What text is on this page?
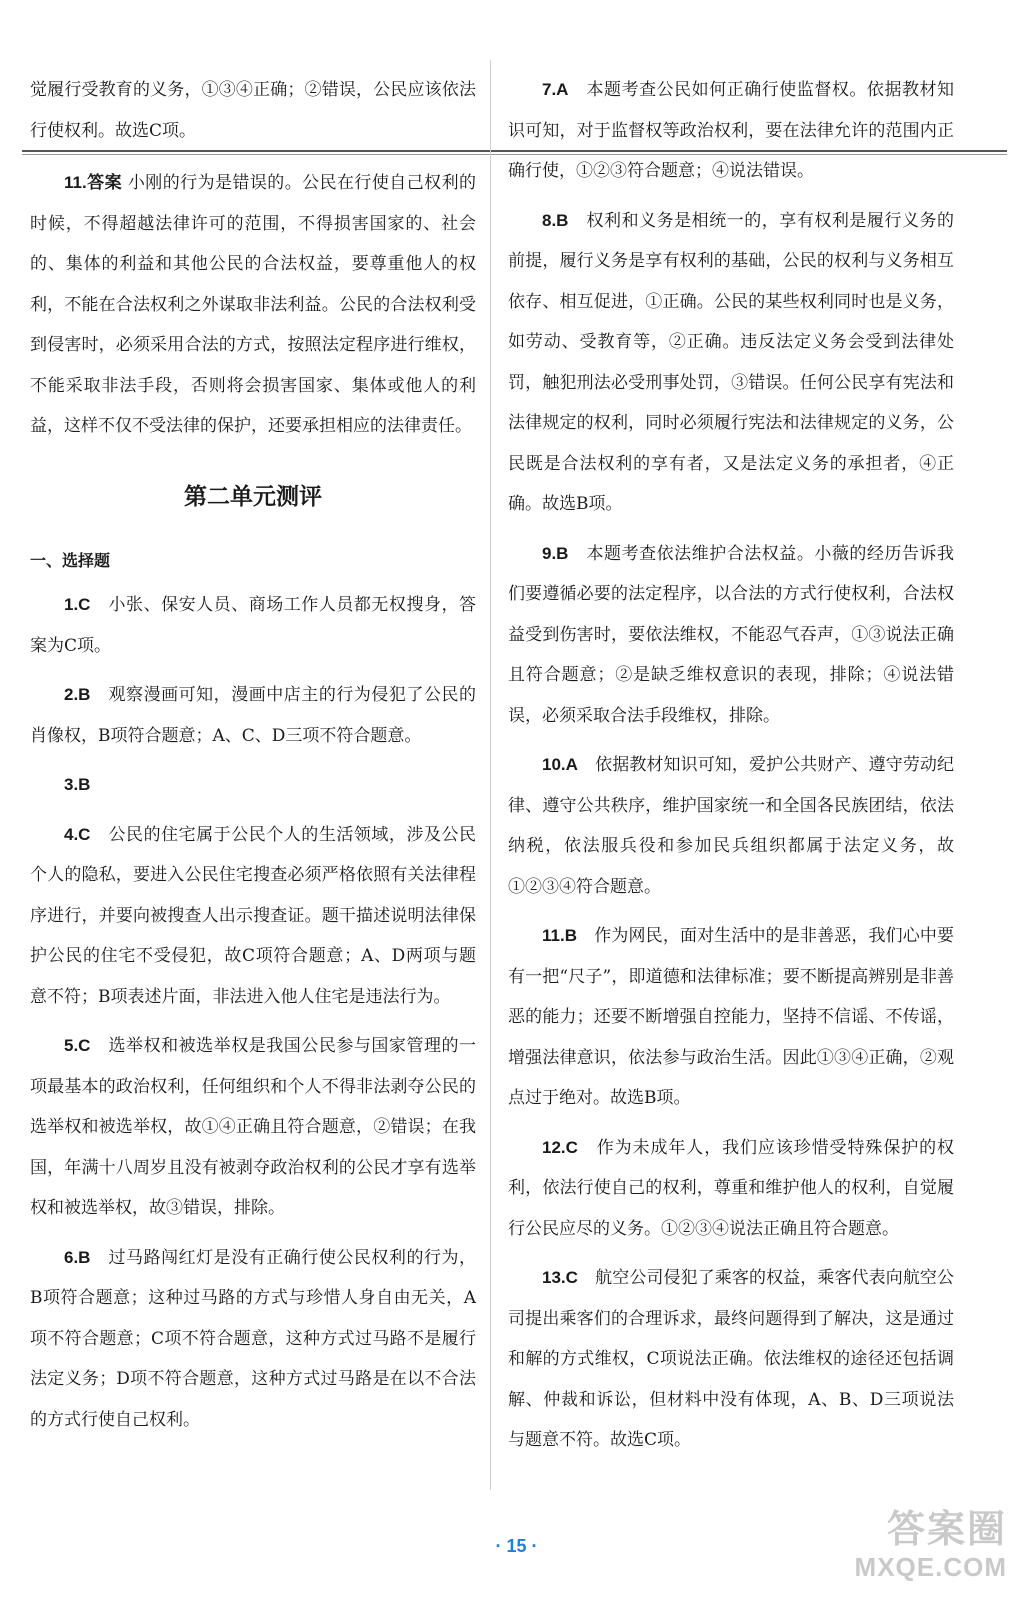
觉履行受教育的义务，①③④正确；②错误，公民应该依法行使权利。故选C项。

11.答案 小刚的行为是错误的。公民在行使自己权利的时候，不得超越法律许可的范围，不得损害国家的、社会的、集体的利益和其他公民的合法权益，要尊重他人的权利，不能在合法权利之外谋取非法利益。公民的合法权利受到侵害时，必须采用合法的方式，按照法定程序进行维权，不能采取非法手段，否则将会损害国家、集体或他人的利益，这样不仅不受法律的保护，还要承担相应的法律责任。

第二单元测评
一、选择题

1.C　 小张、保安人员、商场工作人员都无权搜身，答案为C项。

2.B　 观察漫画可知，漫画中店主的行为侵犯了公民的肖像权，B项符合题意；A、C、D三项不符合题意。

3.B

4.C　 公民的住宅属于公民个人的生活领域，涉及公民个人的隐私，要进入公民住宅搜查必须严格依照有关法律程序进行，并要向被搜查人出示搜查证。题干描述说明法律保护公民的住宅不受侵犯，故C项符合题意；A、D两项与题意不符；B项表述片面，非法进入他人住宅是违法行为。

5.C　 选举权和被选举权是我国公民参与国家管理的一项最基本的政治权利，任何组织和个人不得非法剥夺公民的选举权和被选举权，故①④正确且符合题意，②错误；在我国，年满十八周岁且没有被剥夺政治权利的公民才享有选举权和被选举权，故③错误，排除。

6.B　 过马路闯红灯是没有正确行使公民权利的行为，B项符合题意；这种过马路的方式与珍惜人身自由无关，A项不符合题意；C项不符合题意，这种方式过马路不是履行法定义务；D项不符合题意，这种方式过马路是在以不合法的方式行使自己权利。

7.A　 本题考查公民如何正确行使监督权。依据教材知识可知，对于监督权等政治权利，要在法律允许的范围内正确行使，①②③符合题意；④说法错误。

8.B　 权利和义务是相统一的，享有权利是履行义务的前提，履行义务是享有权利的基础，公民的权利与义务相互依存、相互促进，①正确。公民的某些权利同时也是义务，如劳动、受教育等，②正确。违反法定义务会受到法律处罚，触犯刑法必受刑事处罚，③错误。任何公民享有宪法和法律规定的权利，同时必须履行宪法和法律规定的义务，公民既是合法权利的享有者，又是法定义务的承担者，④正确。故选B项。

9.B　 本题考查依法维护合法权益。小薇的经历告诉我们要遵循必要的法定程序，以合法的方式行使权利，合法权益受到伤害时，要依法维权，不能忍气吞声，①③说法正确且符合题意；②是缺乏维权意识的表现，排除；④说法错误，必须采取合法手段维权，排除。

10.A　 依据教材知识可知，爱护公共财产、遵守劳动纪律、遵守公共秩序，维护国家统一和全国各民族团结，依法纳税，依法服兵役和参加民兵组织都属于法定义务，故①②③④符合题意。

11.B　 作为网民，面对生活中的是非善恶，我们心中要有一把“尺子”，即道德和法律标准；要不断提高辨别是非善恶的能力；还要不断增强自控能力，坚持不信谣、不传谣，增强法律意识，依法参与政治生活。因此①③④正确，②观点过于绝对。故选B项。

12.C　 作为未成年人，我们应该珍惜受特殊保护的权利，依法行使自己的权利，尊重和维护他人的权利，自觉履行公民应尽的义务。①②③④说法正确且符合题意。

13.C　 航空公司侵犯了乘客的权益，乘客代表向航空公司提出乘客们的合理诉求，最终问题得到了解决，这是通过和解的方式维权，C项说法正确。依法维权的途径还包括调解、仲裁和诉讼，但材料中没有体现，A、B、D三项说法与题意不符。故选C项。

· 15 ·	答案圈
MXQE.COM
